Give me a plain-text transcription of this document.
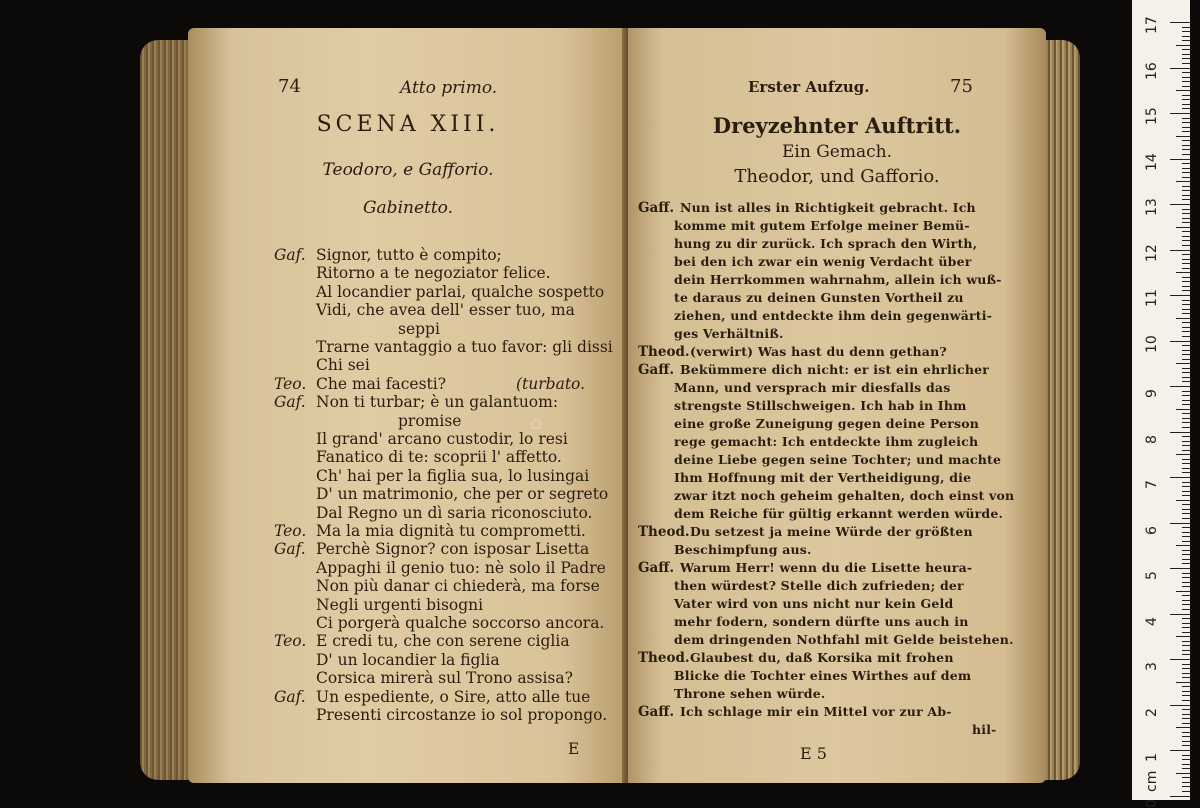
74	Atto primo.
SCENA XIII.
Teodoro, e Gafforio.
Gabinetto.
Gaf. Signor, tutto è compito;
Ritorno a te negoziator felice.
Al locandier parlai, qualche sospetto
Vidi, che avea dell' esser tuo, ma
seppi
Trarne vantaggio a tuo favor: gli dissi
Chi sei
Teo. Che mai facesti?	(turbato.
Gaf. Non ti turbar; è un galantuom:
promise
Il grand' arcano custodir, lo resi
Fanatico di te: scoprii l' affetto.
Ch' hai per la figlia sua, lo lusingai
D' un matrimonio, che per or segreto
Dal Regno un dì saria riconosciuto.
Teo. Ma la mia dignità tu comprometti.
Gaf. Perchè Signor? con isposar Lisetta
Appaghi il genio tuo: nè solo il Padre
Non più danar ci chiederà, ma forse
Negli urgenti bisogni
Ci porgerà qualche soccorso ancora.
Teo. E credi tu, che con serene ciglia
D' un locandier la figlia
Corsica mirerà sul Trono assisa?
Gaf. Un espediente, o Sire, atto alle tue
Presenti circostanze io sol propongo.
E
Erster Aufzug.	75
Dreyzehnter Auftritt.
Ein Gemach.
Theodor, und Gafforio.
Gaff. Nun ist alles in Richtigkeit gebracht. Ich
komme mit gutem Erfolge meiner Bemü-
hung zu dir zurück. Ich sprach den Wirth,
bei den ich zwar ein wenig Verdacht über
dein Herrkommen wahrnahm, allein ich wuß-
te daraus zu deinen Gunsten Vortheil zu
ziehen, und entdeckte ihm dein gegenwärti-
ges Verhältniß.
Theod. (verwirt) Was hast du denn gethan?
Gaff. Bekümmere dich nicht: er ist ein ehrlicher
Mann, und versprach mir diesfalls das
strengste Stillschweigen. Ich hab in Ihm
eine große Zuneigung gegen deine Person
rege gemacht: Ich entdeckte ihm zugleich
deine Liebe gegen seine Tochter; und machte
Ihm Hoffnung mit der Vertheidigung, die
zwar itzt noch geheim gehalten, doch einst von
dem Reiche für gültig erkannt werden würde.
Theod. Du setzest ja meine Würde der größten
Beschimpfung aus.
Gaff. Warum Herr! wenn du die Lisette heura-
then würdest? Stelle dich zufrieden; der
Vater wird von uns nicht nur kein Geld
mehr fodern, sondern dürfte uns auch in
dem dringenden Nothfahl mit Gelde beistehen.
Theod. Glaubest du, daß Korsika mit frohen
Blicke die Tochter eines Wirthes auf dem
Throne sehen würde.
Gaff. Ich schlage mir ein Mittel vor zur Ab-
hil-
E 5
⌂
17
16
15
14
13
12
11
10
9
8
7
6
5
4
3
2
1
0
cm
